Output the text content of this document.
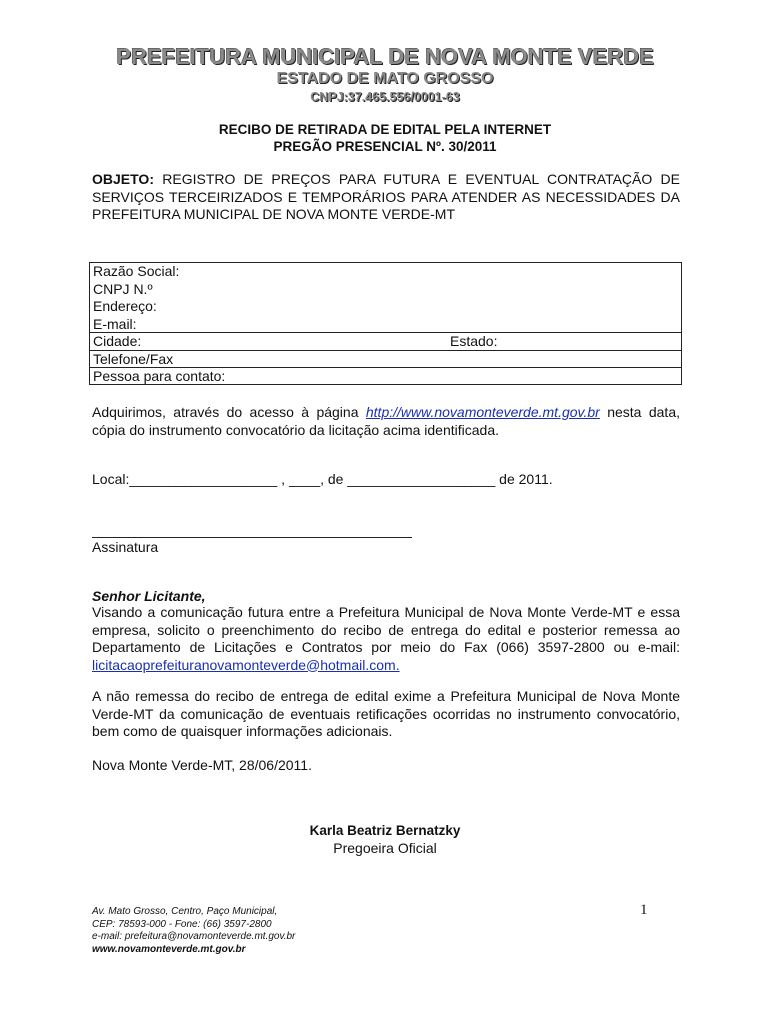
PREFEITURA MUNICIPAL DE NOVA MONTE VERDE
ESTADO DE MATO GROSSO
CNPJ:37.465.556/0001-63
RECIBO DE RETIRADA DE EDITAL PELA INTERNET
PREGÃO PRESENCIAL Nº. 30/2011
OBJETO: REGISTRO DE PREÇOS PARA FUTURA E EVENTUAL CONTRATAÇÃO DE SERVIÇOS TERCEIRIZADOS E TEMPORÁRIOS PARA ATENDER AS NECESSIDADES DA PREFEITURA MUNICIPAL DE NOVA MONTE VERDE-MT
Razão Social:
CNPJ N.º
Endereço:
E-mail:
Cidade:	Estado:
Telefone/Fax
Pessoa para contato:
Adquirimos, através do acesso à página http://www.novamonteverde.mt.gov.br nesta data, cópia do instrumento convocatório da licitação acima identificada.
Local:___________________ , ____, de ___________________ de 2011.
Assinatura
Senhor Licitante,
Visando a comunicação futura entre a Prefeitura Municipal de Nova Monte Verde-MT e essa empresa, solicito o preenchimento do recibo de entrega do edital e posterior remessa ao Departamento de Licitações e Contratos por meio do Fax (066) 3597-2800 ou e-mail: licitacaoprefeituranovamonteverde@hotmail.com.
A não remessa do recibo de entrega de edital exime a Prefeitura Municipal de Nova Monte Verde-MT da comunicação de eventuais retificações ocorridas no instrumento convocatório, bem como de quaisquer informações adicionais.
Nova Monte Verde-MT, 28/06/2011.
Karla Beatriz Bernatzky
Pregoeira Oficial
Av. Mato Grosso, Centro, Paço Municipal,
CEP: 78593-000 - Fone: (66) 3597-2800
e-mail: prefeitura@novamonteverde.mt.gov.br
www.novamonteverde.mt.gov.br
1
